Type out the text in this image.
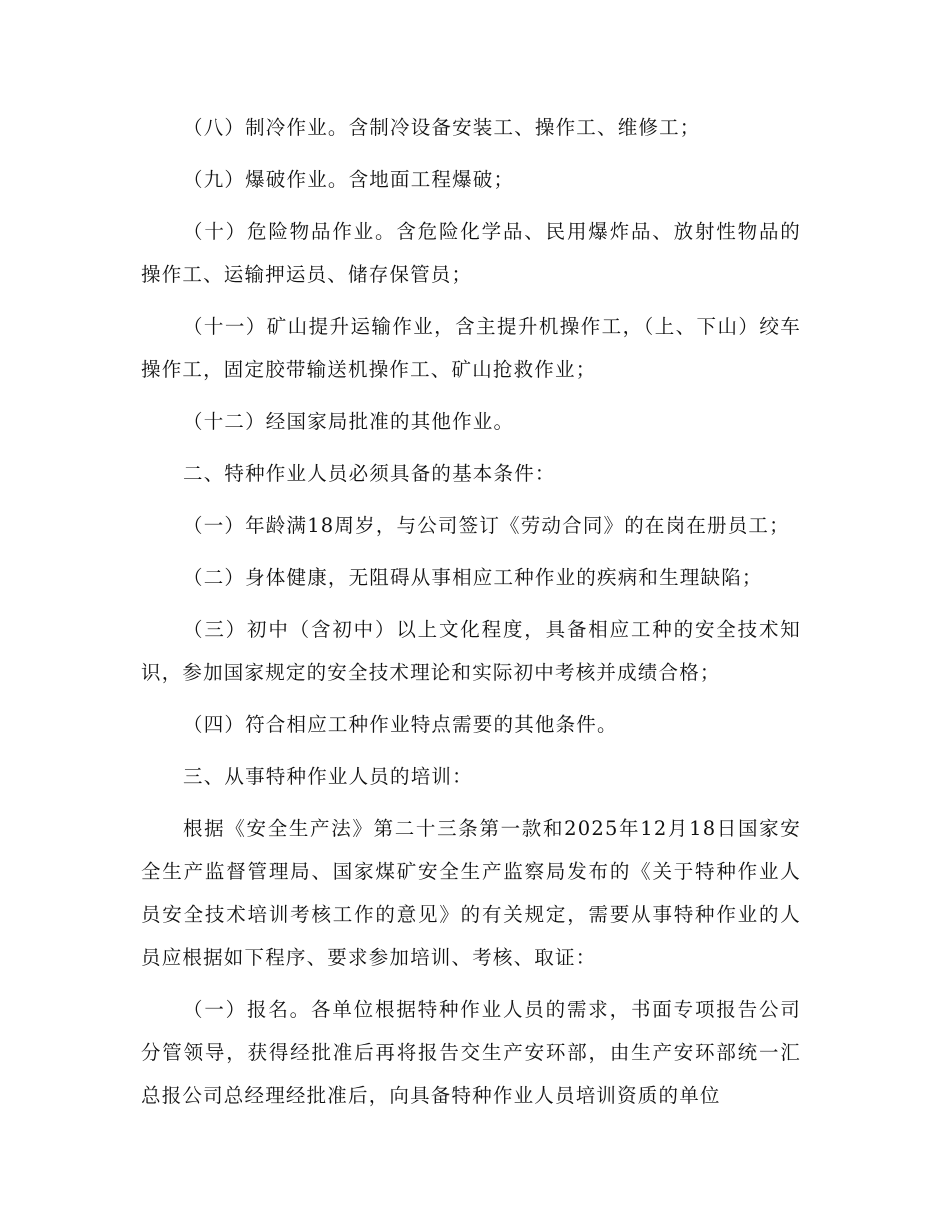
（八）制冷作业。含制冷设备安装工、操作工、维修工；

（九）爆破作业。含地面工程爆破；

（十）危险物品作业。含危险化学品、民用爆炸品、放射性物品的操作工、运输押运员、储存保管员；

（十一）矿山提升运输作业，含主提升机操作工，（上、下山）绞车 操作工，固定胶带输送机操作工、矿山抢救作业；

（十二）经国家局批准的其他作业。

二、特种作业人员必须具备的基本条件：

（一）年龄满18周岁，与公司签订《劳动合同》的在岗在册员工；

（二）身体健康，无阻碍从事相应工种作业的疾病和生理缺陷；

（三）初中（含初中）以上文化程度，具备相应工种的安全技术知识，参加国家规定的安全技术理论和实际初中考核并成绩合格；

（四）符合相应工种作业特点需要的其他条件。

三、从事特种作业人员的培训：

根据《安全生产法》第二十三条第一款和2025年12月18日国家安全生产监督管理局、国家煤矿安全生产监察局发布的《关于特种作业人员安全技术培训考核工作的意见》的有关规定，需要从事特种作业的人员应根据如下程序、要求参加培训、考核、取证：

（一）报名。各单位根据特种作业人员的需求，书面专项报告公司分管领导，获得经批准后再将报告交生产安环部，由生产安环部统一汇总报公司总经理经批准后，向具备特种作业人员培训资质的单位
